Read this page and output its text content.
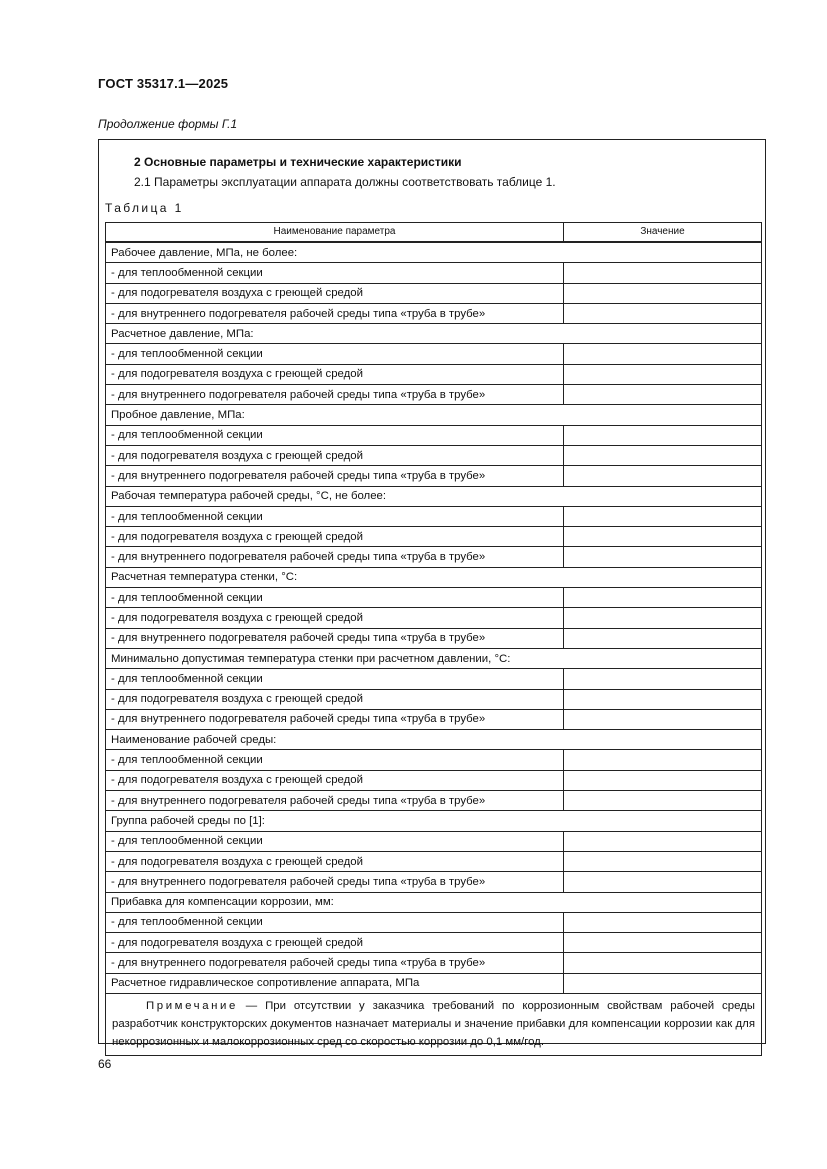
ГОСТ 35317.1—2025
Продолжение формы Г.1
2 Основные параметры и технические характеристики
2.1 Параметры эксплуатации аппарата должны соответствовать таблице 1.
Таблица 1
Наименование параметра	Значение
Рабочее давление, МПа, не более:	
- для теплообменной секции	
- для подогревателя воздуха с греющей средой	
- для внутреннего подогревателя рабочей среды типа «труба в трубе»	
Расчетное давление, МПа:	
- для теплообменной секции	
- для подогревателя воздуха с греющей средой	
- для внутреннего подогревателя рабочей среды типа «труба в трубе»	
Пробное давление, МПа:	
- для теплообменной секции	
- для подогревателя воздуха с греющей средой	
- для внутреннего подогревателя рабочей среды типа «труба в трубе»	
Рабочая температура рабочей среды, °С, не более:	
- для теплообменной секции	
- для подогревателя воздуха с греющей средой	
- для внутреннего подогревателя рабочей среды типа «труба в трубе»	
Расчетная температура стенки, °С:	
- для теплообменной секции	
- для подогревателя воздуха с греющей средой	
- для внутреннего подогревателя рабочей среды типа «труба в трубе»	
Минимально допустимая температура стенки при расчетном давлении, °С:	
- для теплообменной секции	
- для подогревателя воздуха с греющей средой	
- для внутреннего подогревателя рабочей среды типа «труба в трубе»	
Наименование рабочей среды:	
- для теплообменной секции	
- для подогревателя воздуха с греющей средой	
- для внутреннего подогревателя рабочей среды типа «труба в трубе»	
Группа рабочей среды по [1]:	
- для теплообменной секции	
- для подогревателя воздуха с греющей средой	
- для внутреннего подогревателя рабочей среды типа «труба в трубе»	
Прибавка для компенсации коррозии, мм:	
- для теплообменной секции	
- для подогревателя воздуха с греющей средой	
- для внутреннего подогревателя рабочей среды типа «труба в трубе»	
Расчетное гидравлическое сопротивление аппарата, МПа	
Примечание — При отсутствии у заказчика требований по коррозионным свойствам рабочей среды разработчик конструкторских документов назначает материалы и значение прибавки для компенсации коррозии как для некоррозионных и малокоррозионных сред со скоростью коррозии до 0,1 мм/год.	
66
